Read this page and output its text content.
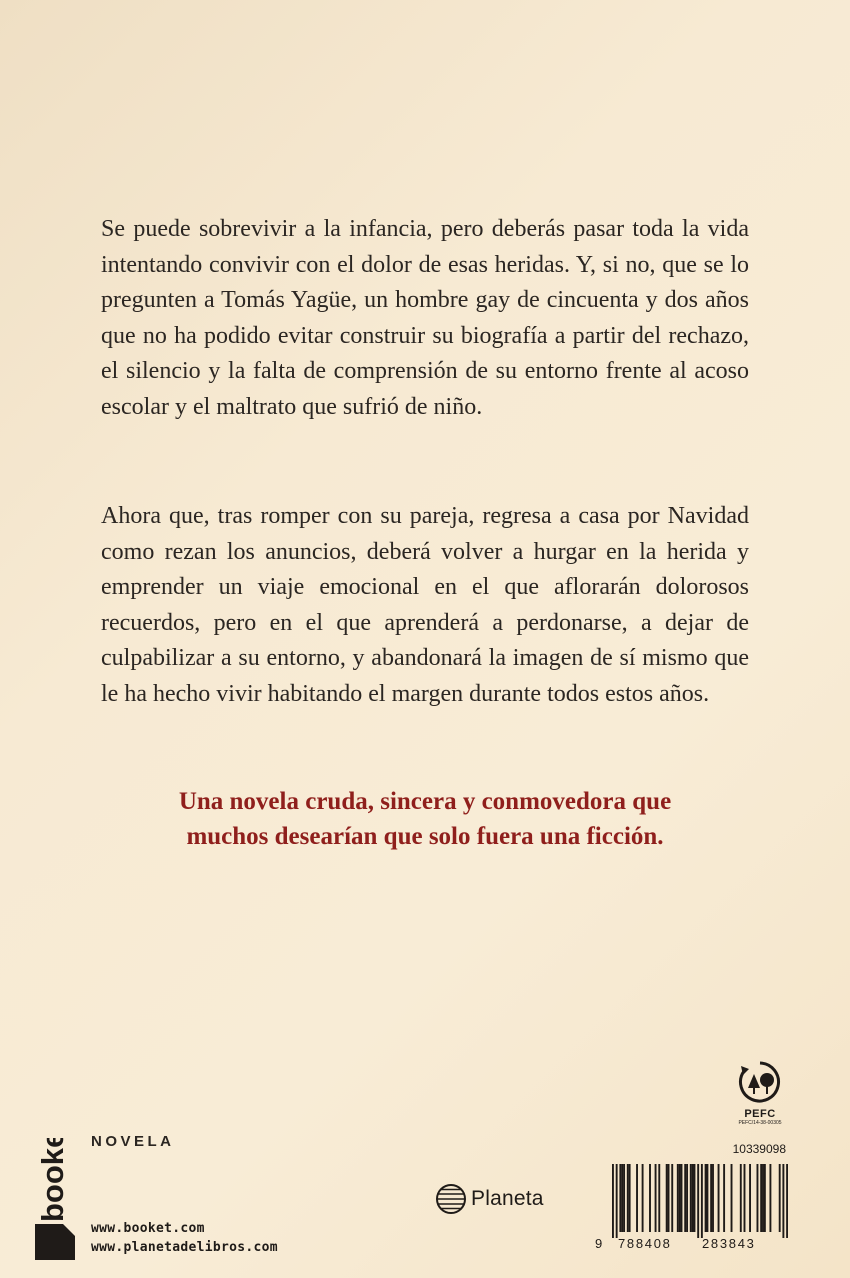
Se puede sobrevivir a la infancia, pero deberás pasar toda la vida intentando convivir con el dolor de esas heridas. Y, si no, que se lo pregunten a Tomás Yagüe, un hombre gay de cincuenta y dos años que no ha podido evitar construir su biografía a partir del rechazo, el silencio y la falta de comprensión de su entorno frente al acoso escolar y el maltrato que sufrió de niño.

Ahora que, tras romper con su pareja, regresa a casa por Navidad como rezan los anuncios, deberá volver a hurgar en la herida y emprender un viaje emocional en el que aflorarán dolorosos recuerdos, pero en el que aprenderá a perdonarse, a dejar de culpabilizar a su entorno, y abandonará la imagen de sí mismo que le ha hecho vivir habitando el margen durante todos estos años.

Una novela cruda, sincera y conmovedora que
muchos desearían que solo fuera una ficción.
booket NOVELA
www.booket.com
www.planetadelibros.com
Planeta
PEFC
PEFC/14-38-00305
10339098
9 788408	283843
